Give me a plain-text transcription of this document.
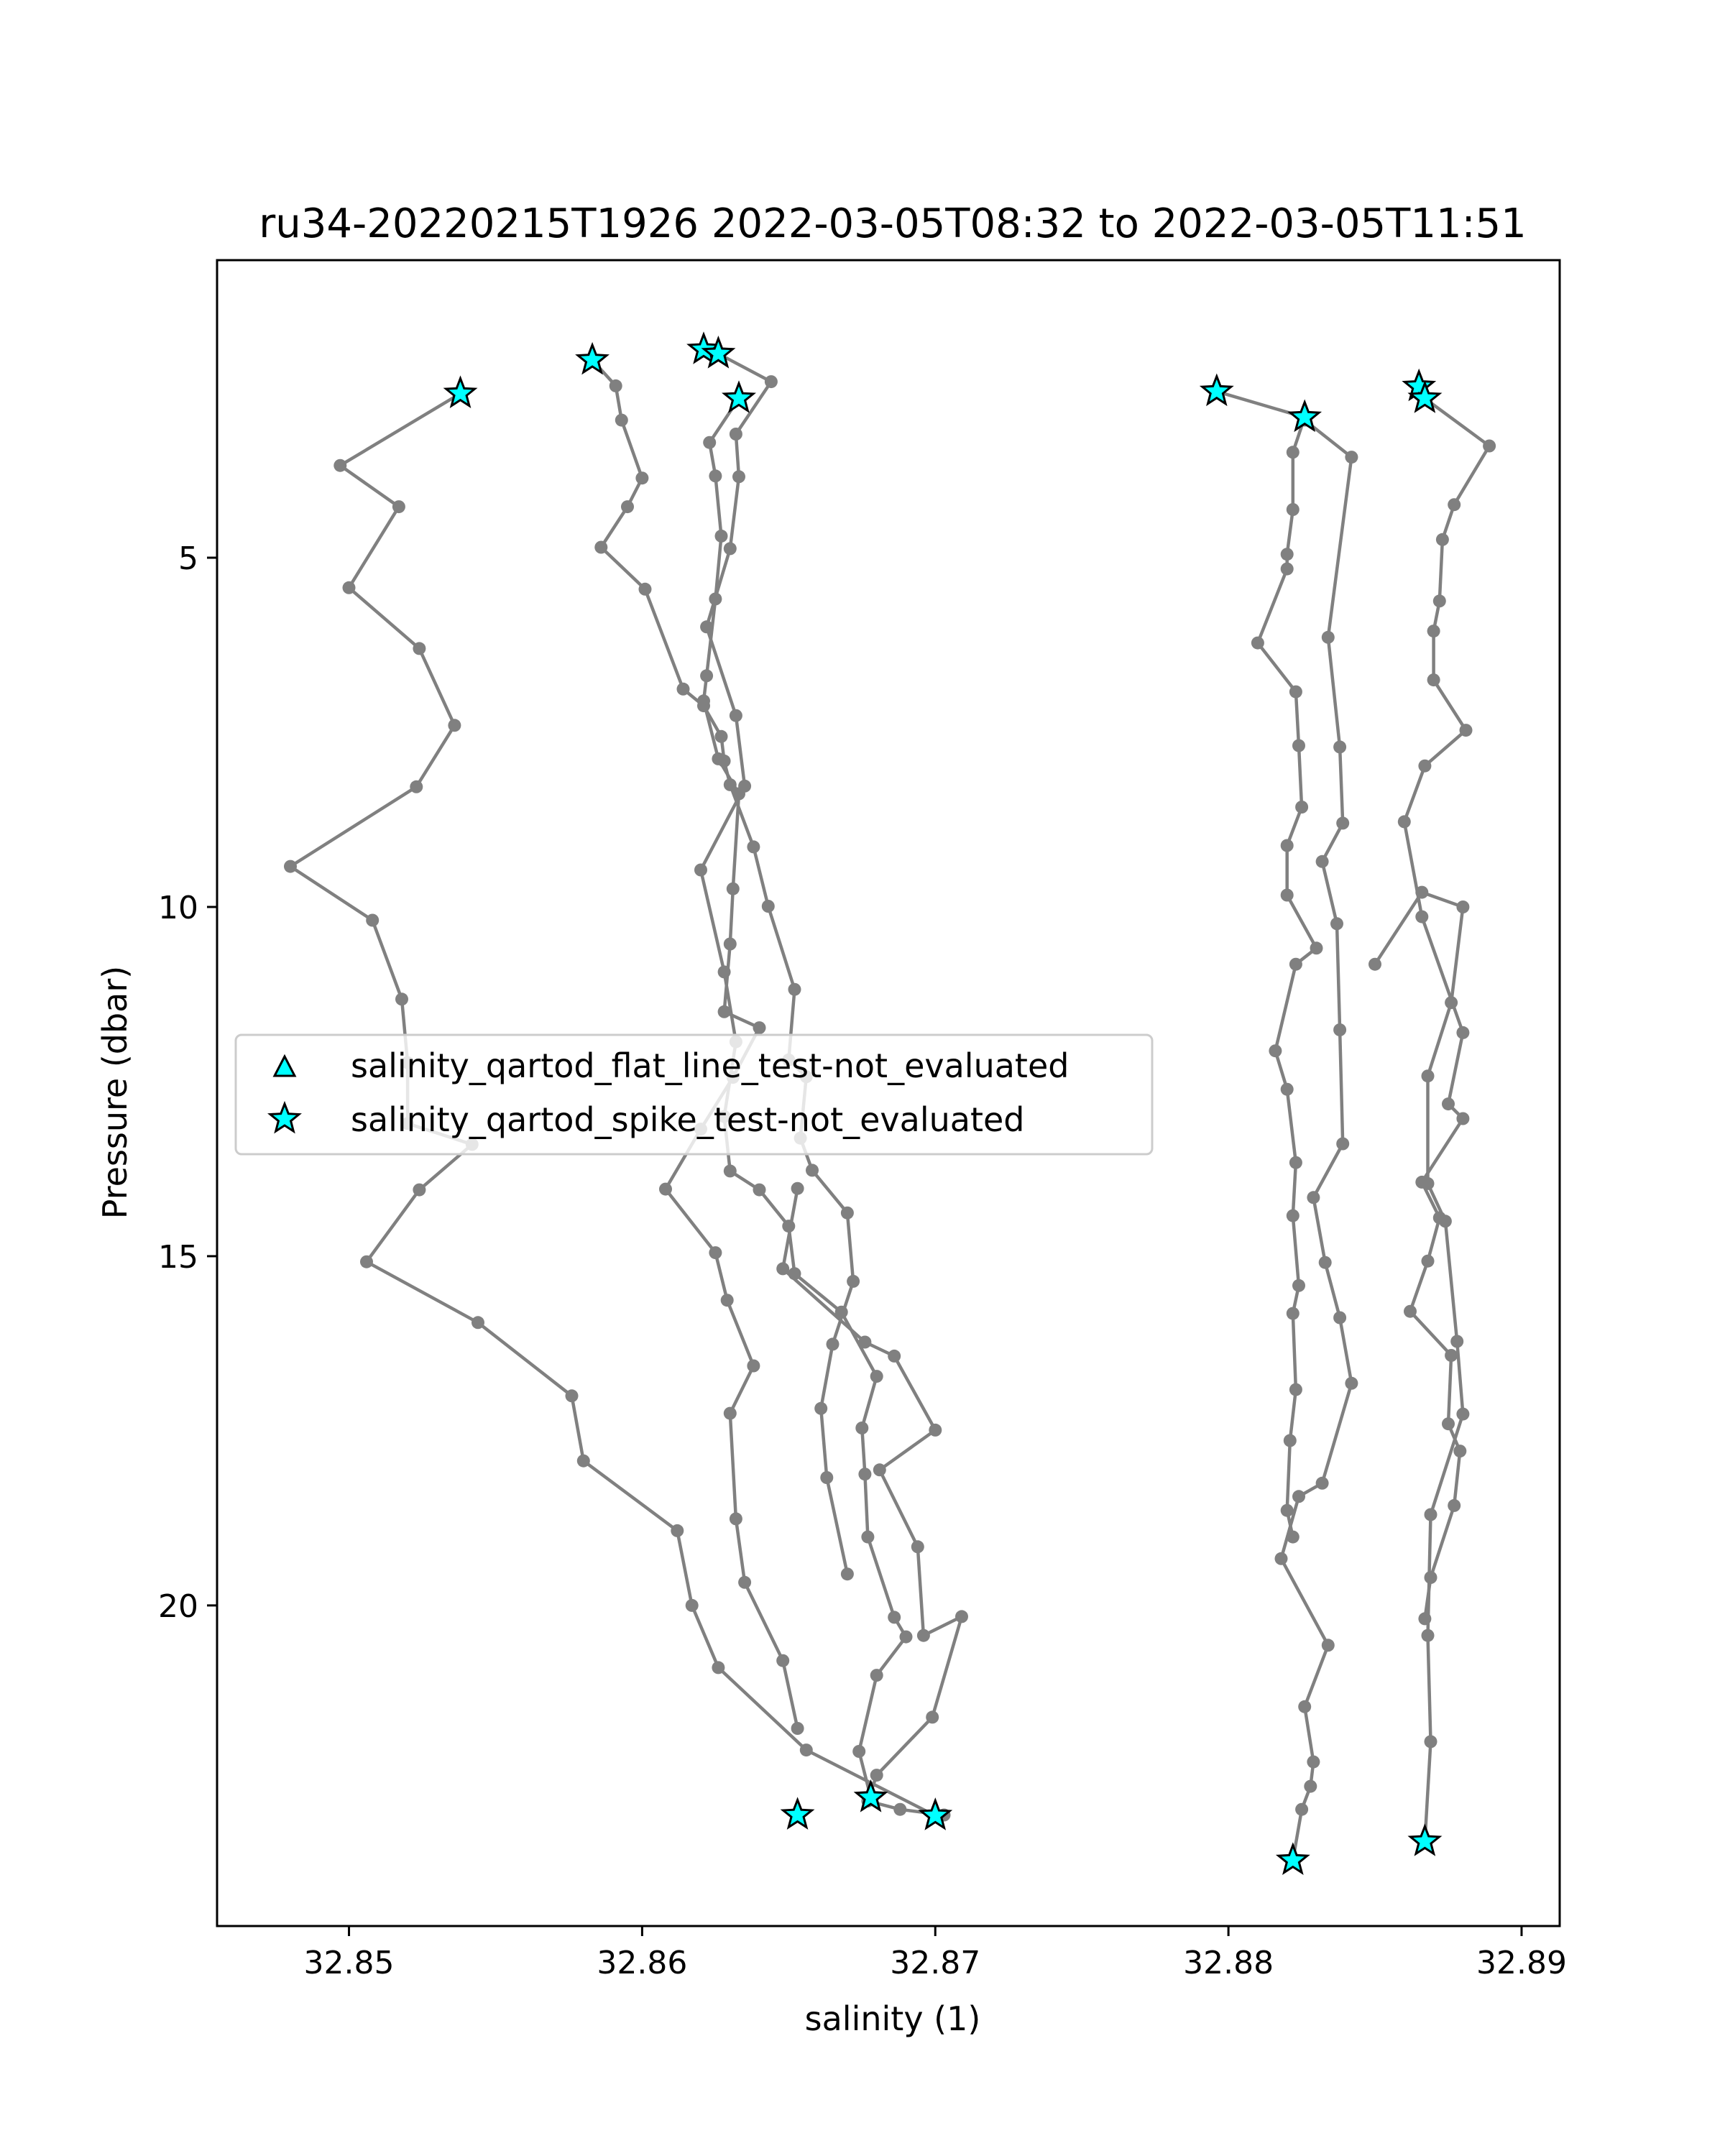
ru34-20220215T1926 2022-03-05T08:32 to 2022-03-05T11:51
salinity_qartod_flat_line_test-not_evaluated
salinity_qartod_spike_test-not_evaluated
32.85	32.86	32.87	32.88	32.89
5
10
15
20
salinity (1)
Pressure (dbar)
